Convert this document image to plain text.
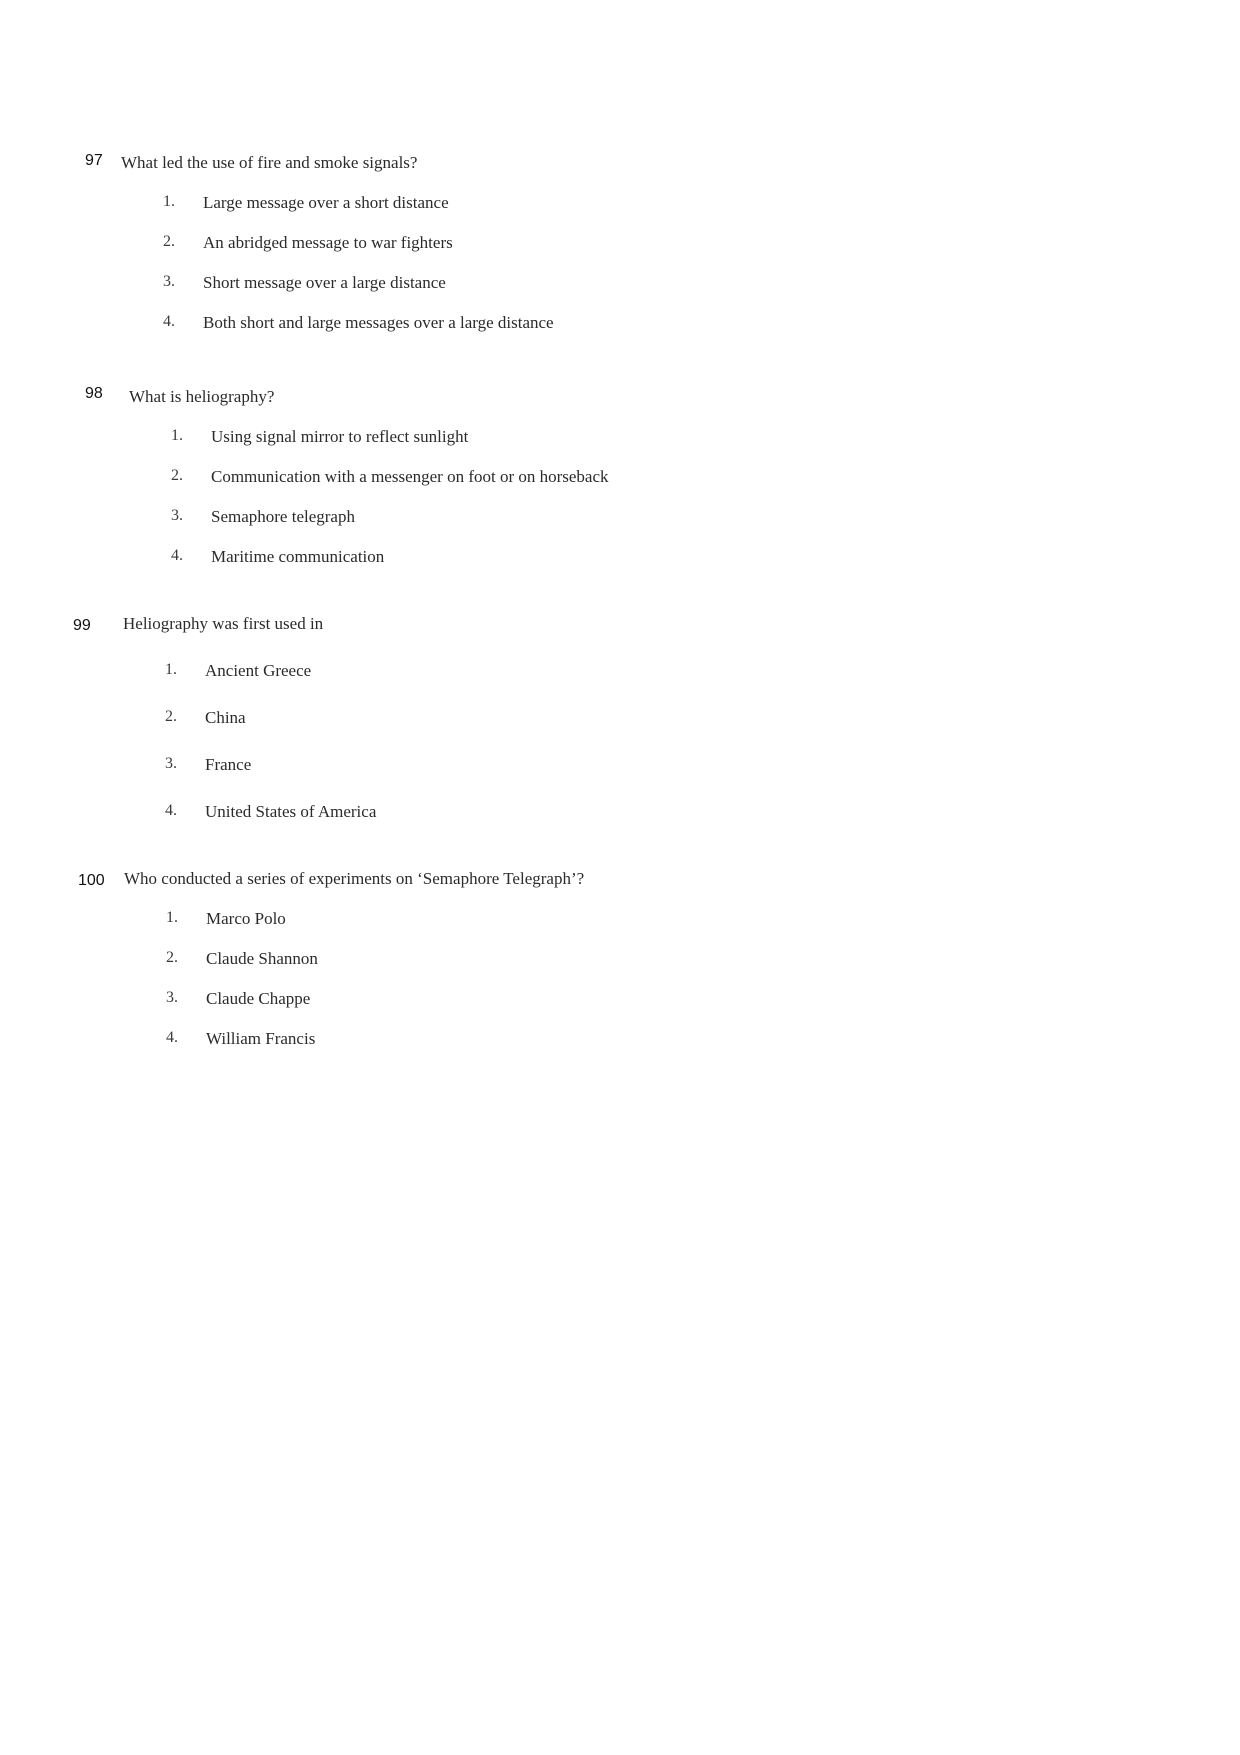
97 What led the use of fire and smoke signals?
1. Large message over a short distance
2. An abridged message to war fighters
3. Short message over a large distance
4. Both short and large messages over a large distance
98 What is heliography?
1. Using signal mirror to reflect sunlight
2. Communication with a messenger on foot or on horseback
3. Semaphore telegraph
4. Maritime communication
99 Heliography was first used in
1. Ancient Greece
2. China
3. France
4. United States of America
100 Who conducted a series of experiments on ‘Semaphore Telegraph’?
1. Marco Polo
2. Claude Shannon
3. Claude Chappe
4. William Francis
